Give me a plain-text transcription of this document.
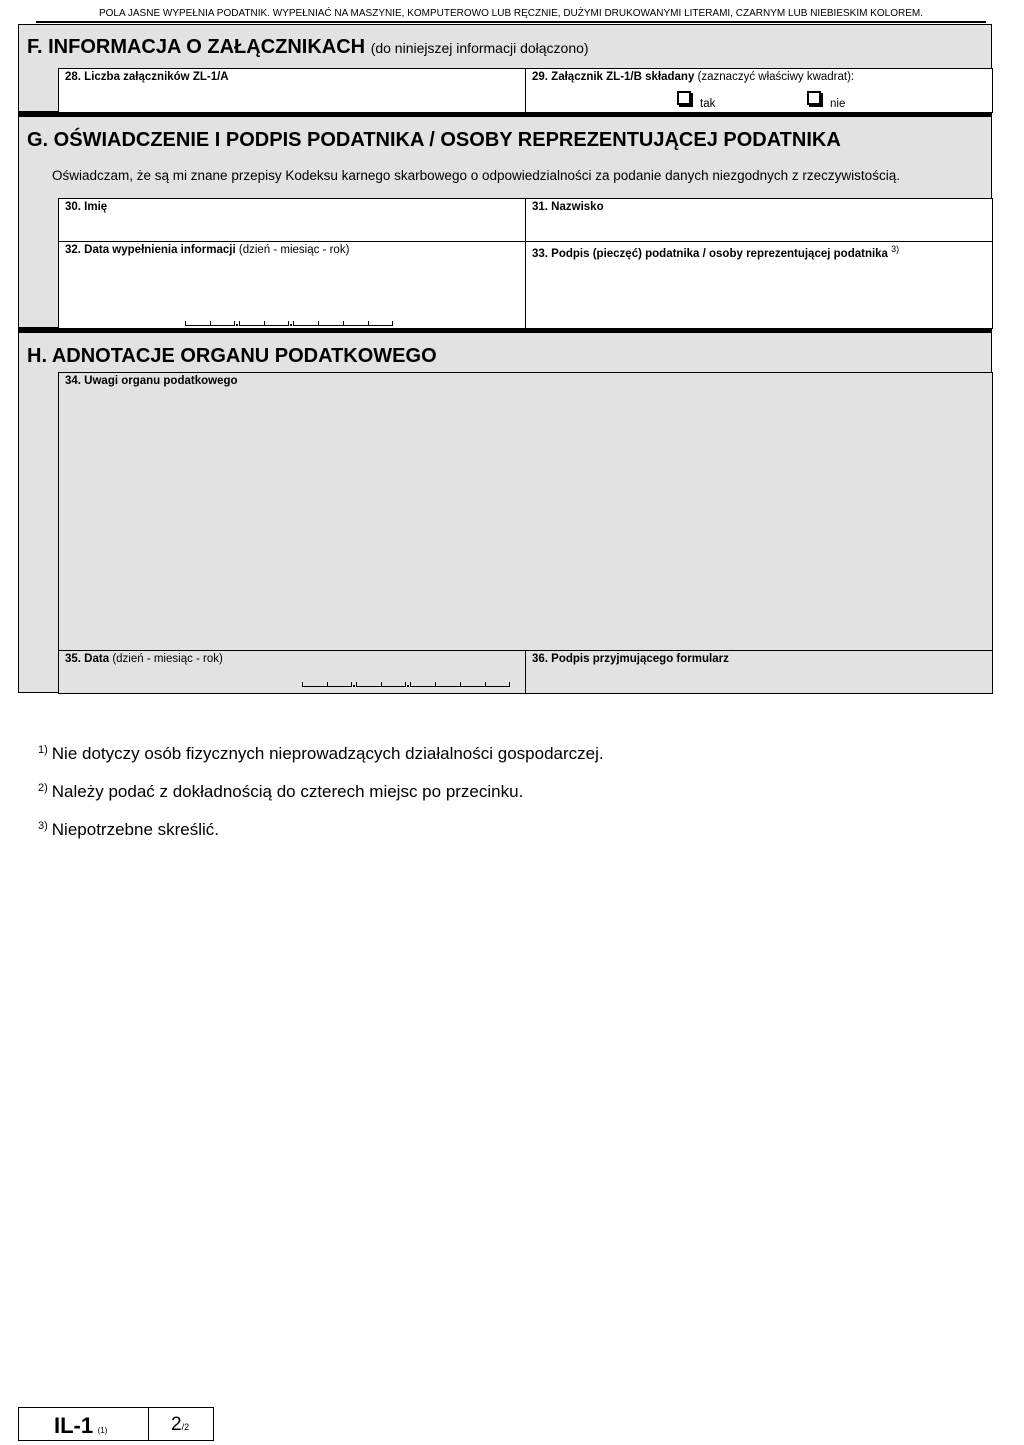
POLA JASNE WYPEŁNIA PODATNIK. WYPEŁNIAĆ NA MASZYNIE, KOMPUTEROWO LUB RĘCZNIE, DUŻYMI DRUKOWANYMI LITERAMI, CZARNYM LUB NIEBIESKIM KOLOREM.
F. INFORMACJA O ZAŁĄCZNIKACH (do niniejszej informacji dołączono)
28. Liczba załączników ZL-1/A	29. Załącznik ZL-1/B składany (zaznaczyć właściwy kwadrat):
tak	nie
G. OŚWIADCZENIE I PODPIS PODATNIKA / OSOBY REPREZENTUJĄCEJ PODATNIKA
Oświadczam, że są mi znane przepisy Kodeksu karnego skarbowego o odpowiedzialności za podanie danych niezgodnych z rzeczywistością.
30. Imię	31. Nazwisko
32. Data wypełnienia informacji (dzień - miesiąc - rok)	33. Podpis (pieczęć) podatnika / osoby reprezentującej podatnika $^{3)}$
H. ADNOTACJE ORGANU PODATKOWEGO
34. Uwagi organu podatkowego
35. Data (dzień - miesiąc - rok)	36. Podpis przyjmującego formularz
$^{1)}$ Nie dotyczy osób fizycznych nieprowadzących działalności gospodarczej.
$^{2)}$ Należy podać z dokładnością do czterech miejsc po przecinku.
$^{3)}$ Niepotrzebne skreślić.
IL-1 (1)	2/2
